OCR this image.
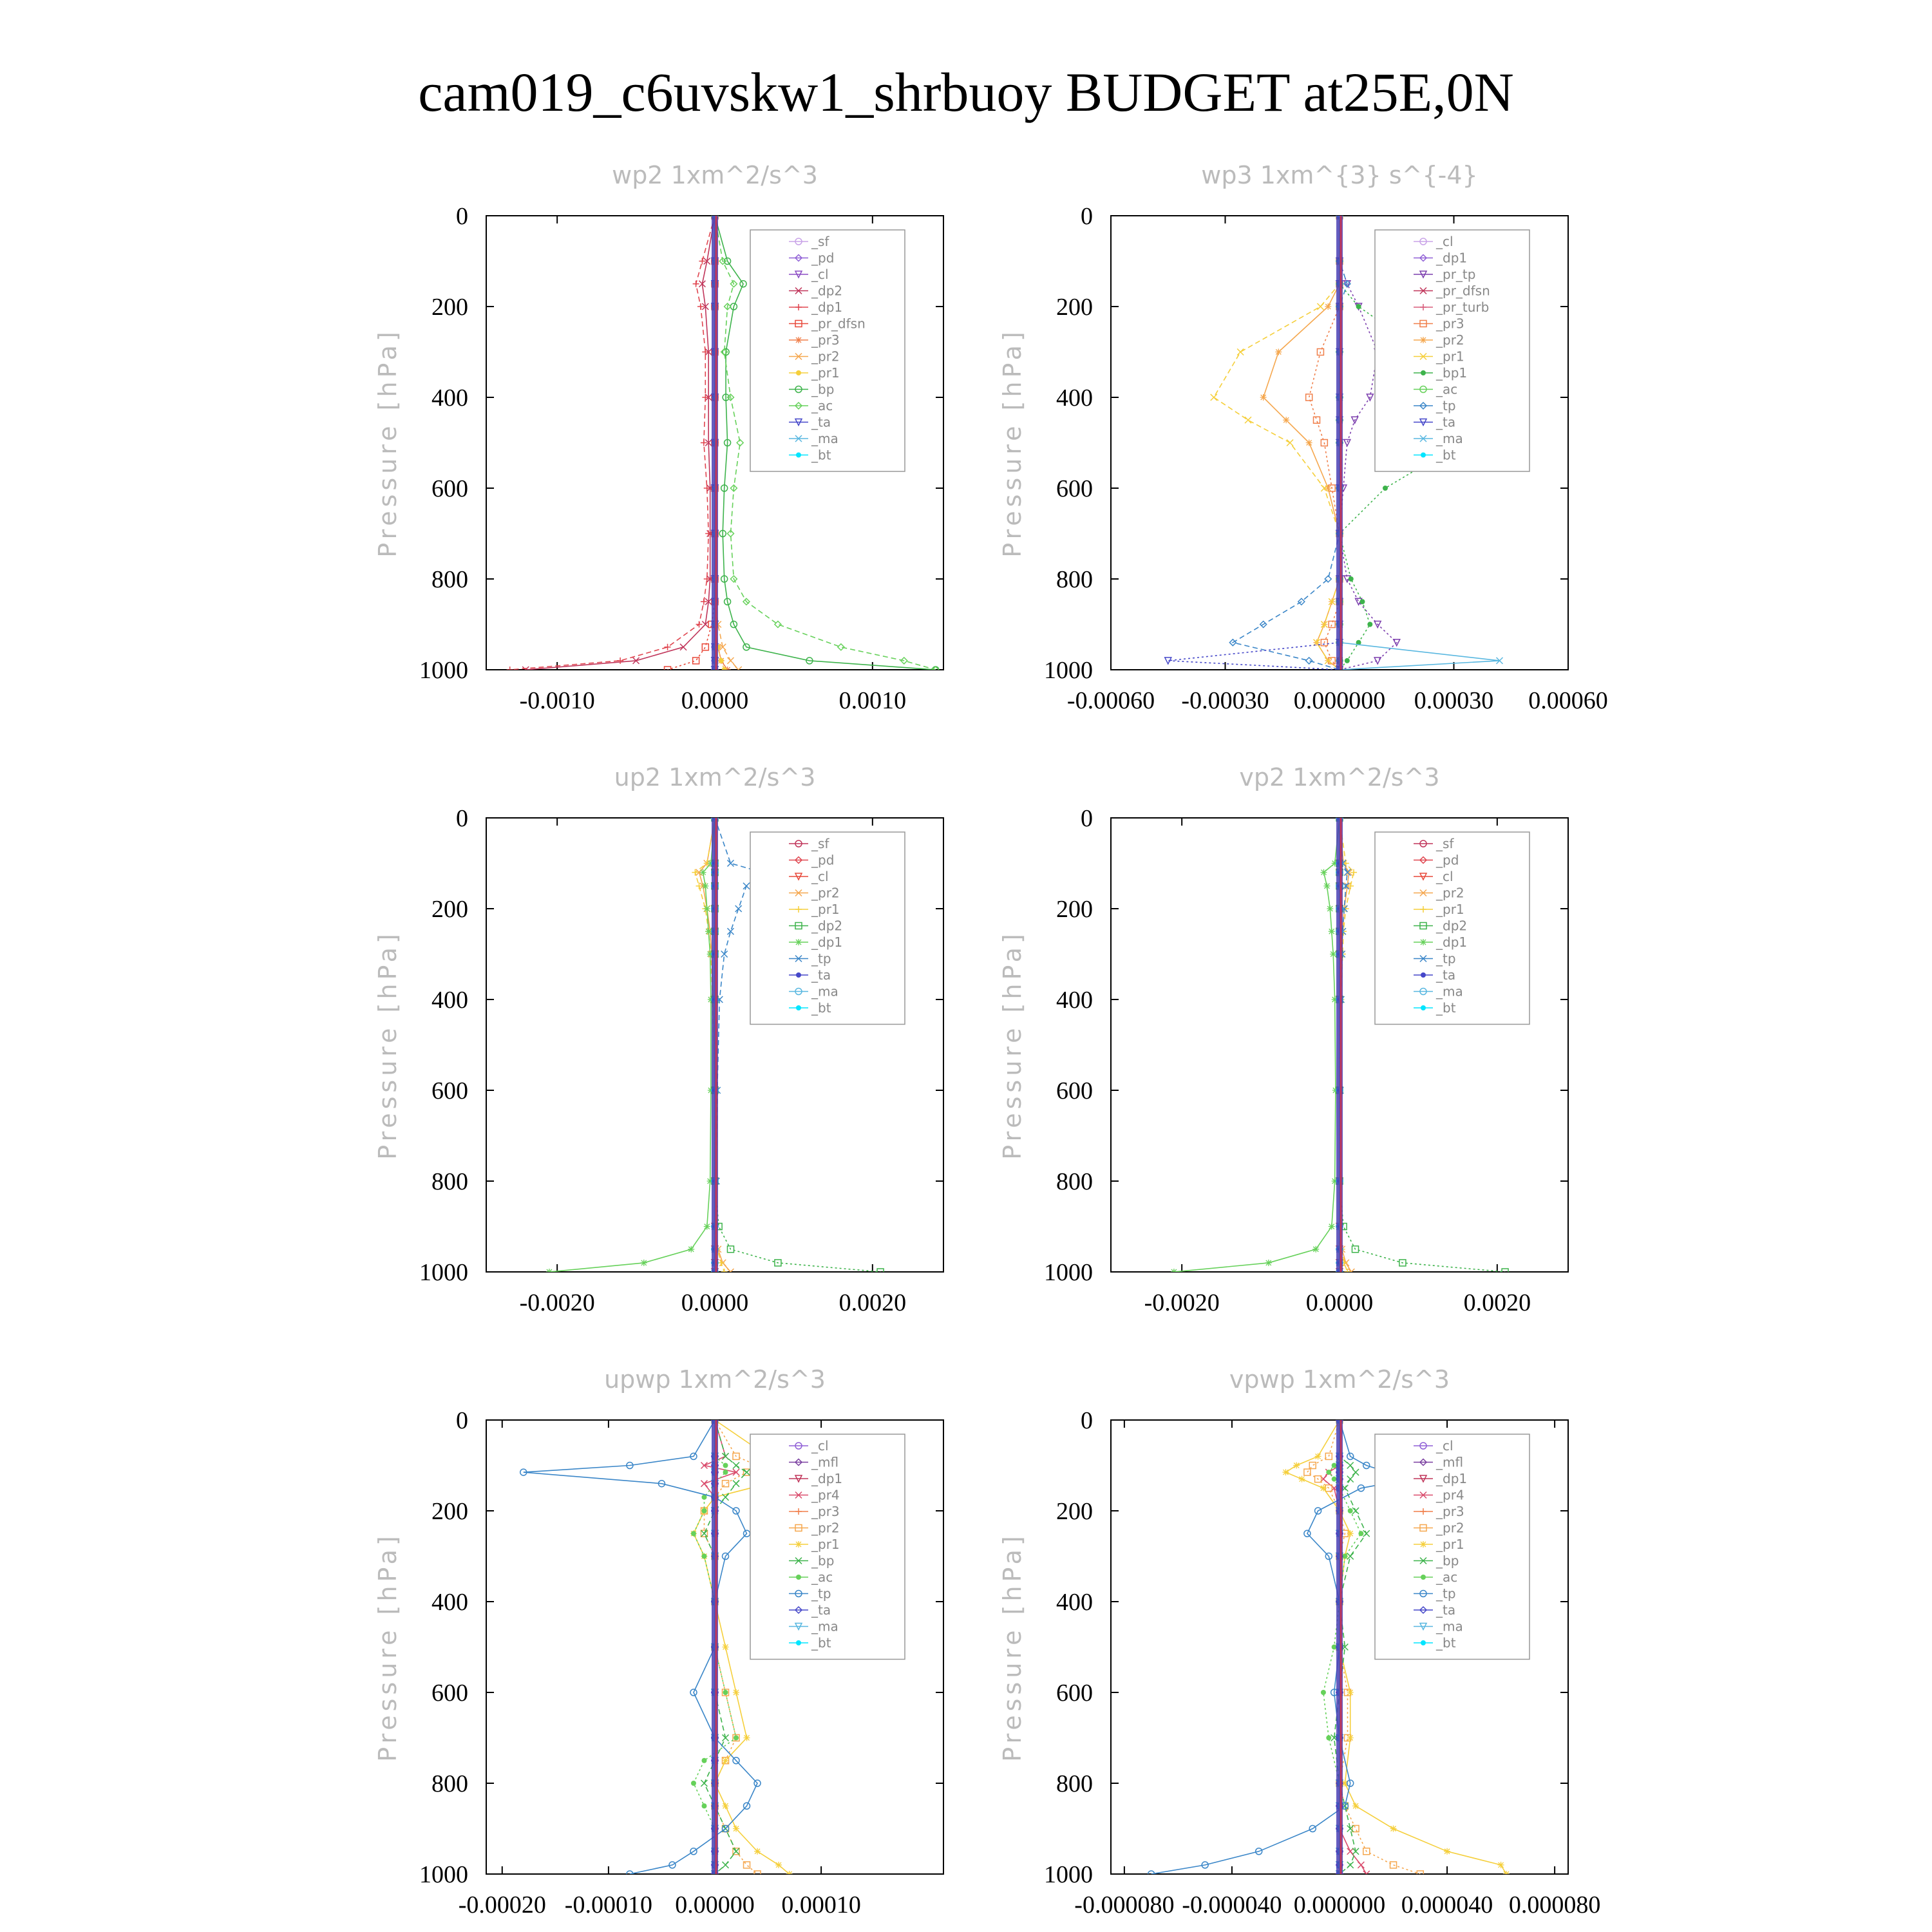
cam019_c6uvskw1_shrbuoy BUDGET at25E,0N
wp2 1xm^2/s^3
Pressure [hPa]
0
200
400
600
800
1000
-0.0010	0.0000	0.0010
_sf
_pd
_cl
_dp2
_dp1
_pr_dfsn
_pr3
_pr2
_pr1
_bp
_ac
_ta
_ma
_bt
wp3 1xm^{3} s^{-4}
Pressure [hPa]
0
200
400
600
800
1000
-0.00060 -0.00030 0.000000 0.00030 0.00060
_cl
_dp1
_pr_tp
_pr_dfsn
_pr_turb
_pr3
_pr2
_pr1
_bp1
_ac
_tp
_ta
_ma
_bt
up2 1xm^2/s^3
Pressure [hPa]
0
200
400
600
800
1000
-0.0020	0.0000	0.0020
_sf
_pd
_cl
_pr2
_pr1
_dp2
_dp1
_tp
_ta
_ma
_bt
vp2 1xm^2/s^3
Pressure [hPa]
0
200
400
600
800
1000
-0.0020	0.0000	0.0020
_sf
_pd
_cl
_pr2
_pr1
_dp2
_dp1
_tp
_ta
_ma
_bt
upwp 1xm^2/s^3
Pressure [hPa]
0
200
400
600
800
1000
-0.00020 -0.00010 0.00000 0.00010
_cl
_mfl
_dp1
_pr4
_pr3
_pr2
_pr1
_bp
_ac
_tp
_ta
_ma
_bt
vpwp 1xm^2/s^3
Pressure [hPa]
0
200
400
600
800
1000
-0.000080 -0.000040 0.000000 0.000040 0.000080
_cl
_mfl
_dp1
_pr4
_pr3
_pr2
_pr1
_bp
_ac
_tp
_ta
_ma
_bt
